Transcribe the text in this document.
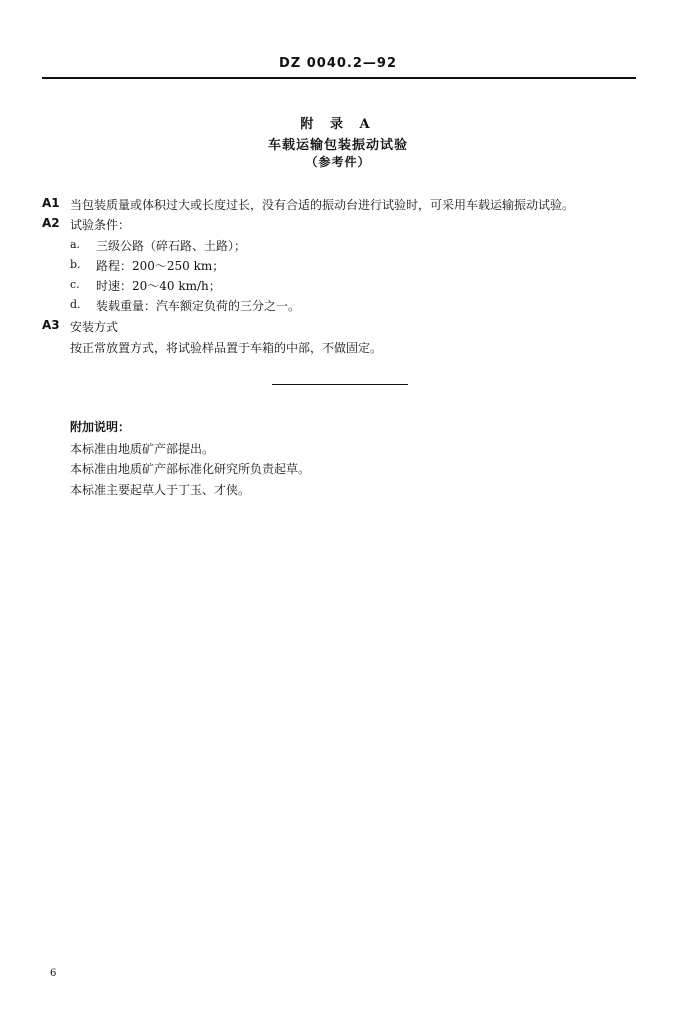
DZ 0040.2—92
附 录 A
车载运输包装振动试验
（参考件）
A1 当包装质量或体积过大或长度过长，没有合适的振动台进行试验时，可采用车载运输振动试验。
A2 试验条件：
a. 三级公路（碎石路、土路）；
b. 路程：200～250 km；
c. 时速：20～40 km/h；
d. 装载重量：汽车额定负荷的三分之一。
A3 安装方式
按正常放置方式，将试验样品置于车箱的中部，不做固定。
附加说明：
本标准由地质矿产部提出。
本标准由地质矿产部标准化研究所负责起草。
本标准主要起草人于丁玉、才侠。
6
